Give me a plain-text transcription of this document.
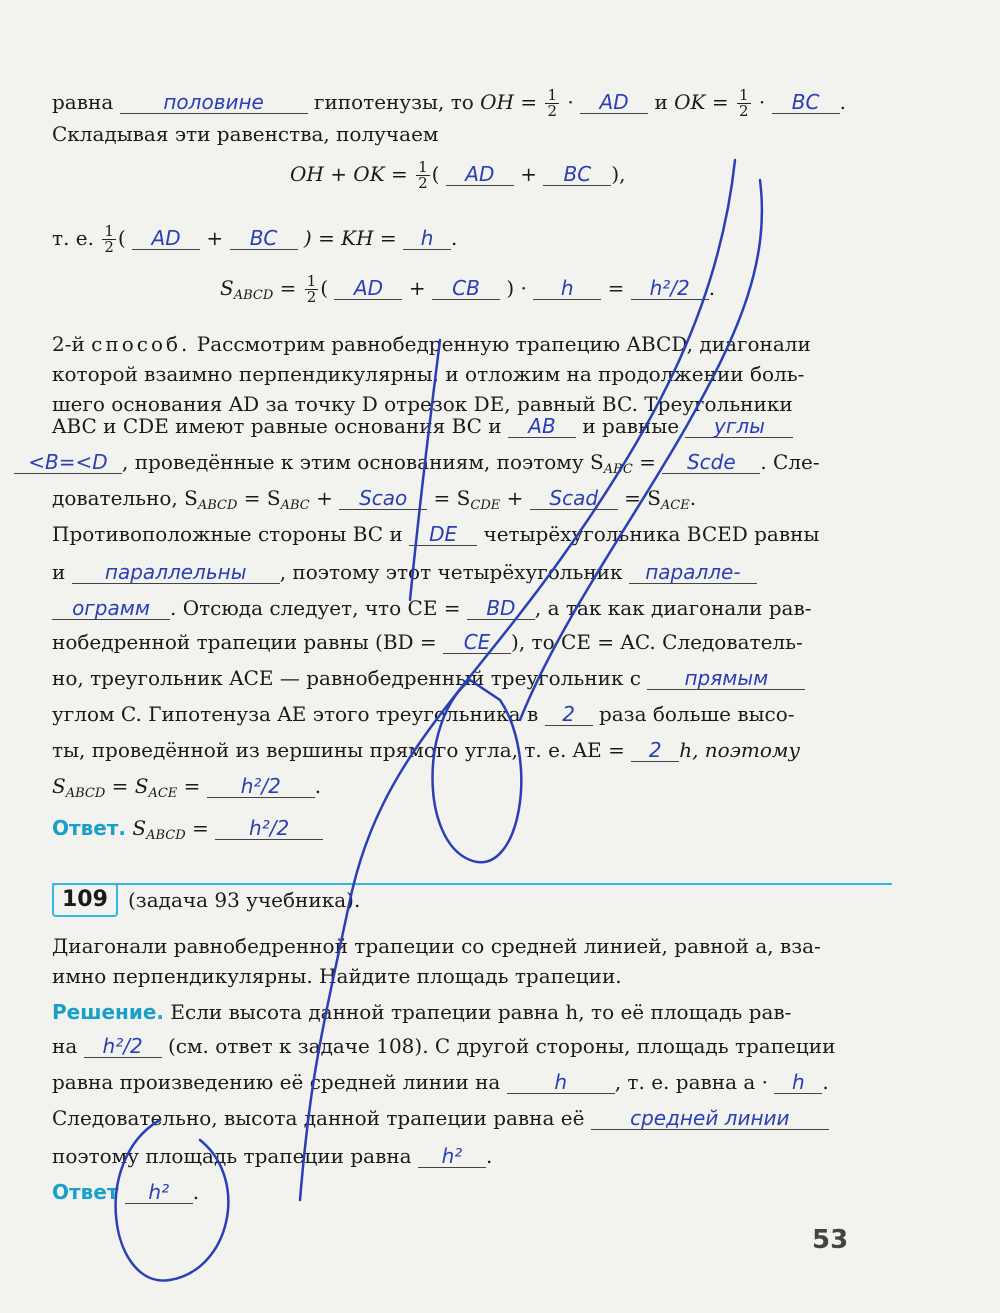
равна	половине	гипотенузы, то OH = $\frac{1}{2}$ · AD и OK = $\frac{1}{2}$ · BC .
Складывая эти равенства, получаем
OH + OK = $\frac{1}{2}$ ( AD + BC ),
т. е. $\frac{1}{2}$ ( AD + BC ) = KH = h .
$S_{ABCD} = \frac{1}{2}$ ( AD + CB ) · h = h²/2 .
2-й способ. Рассмотрим равнобедренную трапецию ABCD, диагонали
которой взаимно перпендикулярны, и отложим на продолжении боль-
шего основания AD за точку D отрезок DE, равный BC. Треугольники
ABC и CDE имеют равные основания BC и AB и равные углы
<B=<D , проведённые к этим основаниям, поэтому $S_{ABC}$ = Scde . Сле-
довательно, $S_{ABCD} = S_{ABC}$ + Scao = $S_{CDE}$ + Scad = $S_{ACE}$.
Противоположные стороны BC и DE четырёхугольника BCED равны
и параллельны , поэтому этот четырёхугольник паралле-
ограмм . Отсюда следует, что CE = BD , а так как диагонали рав-
нобедренной трапеции равны (BD = CE ), то CE = AC. Следователь-
но, треугольник ACE — равнобедренный треугольник с прямым
углом C. Гипотенуза AE этого треугольника в 2 раза больше высо-
ты, проведённой из вершины прямого угла, т. е. AE = 2 h, поэтому
$S_{ABCD} = S_{ACE} = h^2/2$ .
Ответ. $S_{ABCD} = h^2/2$
109	(задача 93 учебника).
Диагонали равнобедренной трапеции со средней линией, равной a, вза-
имно перпендикулярны. Найдите площадь трапеции.
Решение. Если высота данной трапеции равна h, то её площадь рав-
на h²/2 (см. ответ к задаче 108). С другой стороны, площадь трапеции
равна произведению её средней линии на	h , т. е. равна a · h .
Следовательно, высота данной трапеции равна её средней линии
поэтому площадь трапеции равна h² .
Ответ h² .
53
